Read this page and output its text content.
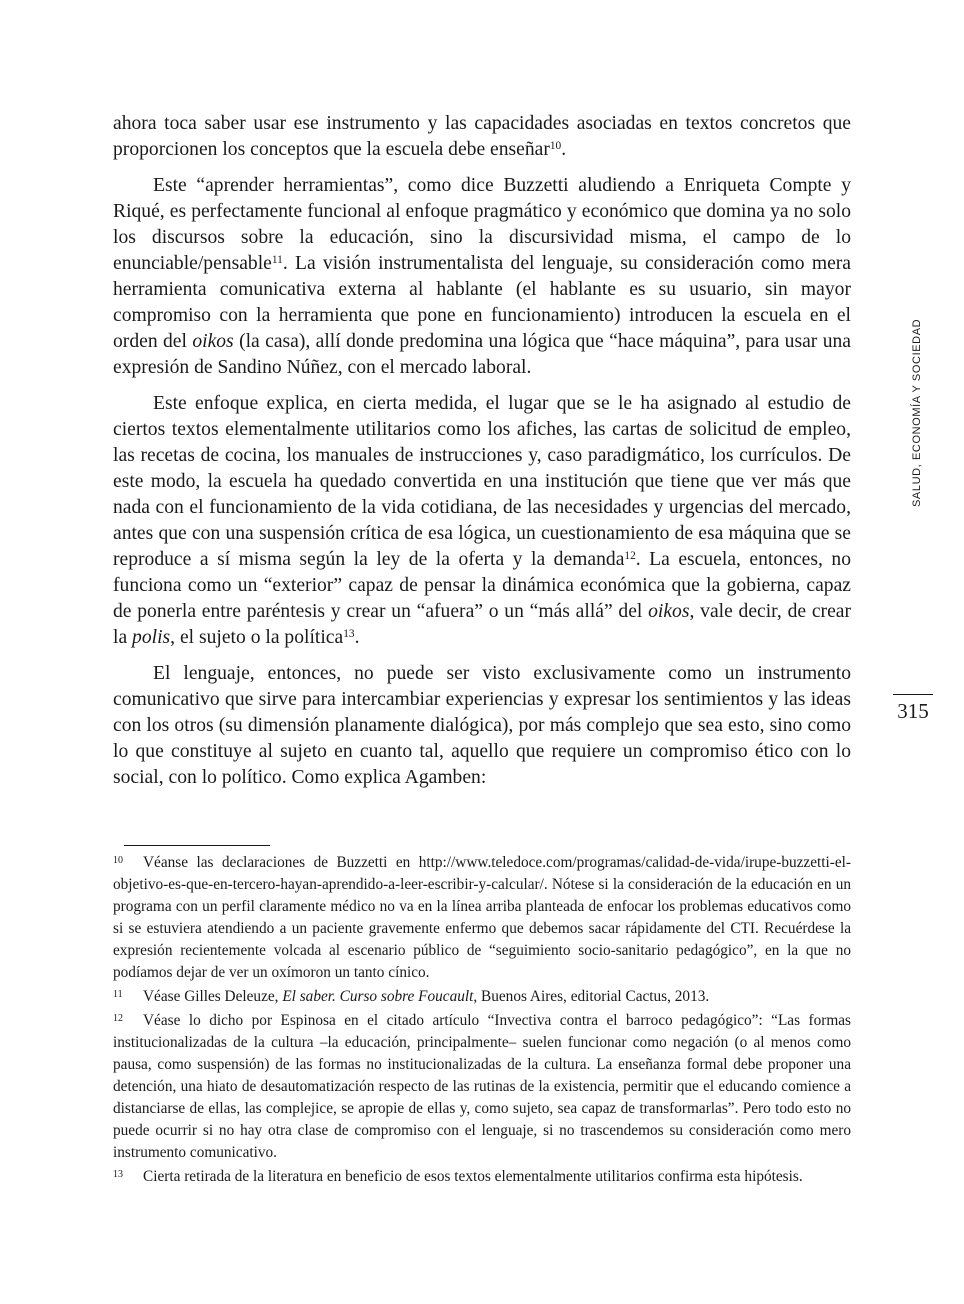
ahora toca saber usar ese instrumento y las capacidades asociadas en textos concretos que proporcionen los conceptos que la escuela debe enseñar$^{10}$.

Este “aprender herramientas”, como dice Buzzetti aludiendo a Enriqueta Compte y Riqué, es perfectamente funcional al enfoque pragmático y económico que domina ya no solo los discursos sobre la educación, sino la discursividad misma, el campo de lo enunciable/pensable$^{11}$. La visión instrumentalista del lenguaje, su consideración como mera herramienta comunicativa externa al hablante (el hablante es su usuario, sin mayor compromiso con la herramienta que pone en funcionamiento) introducen la escuela en el orden del oikos (la casa), allí donde predomina una lógica que “hace máquina”, para usar una expresión de Sandino Núñez, con el mercado laboral.

Este enfoque explica, en cierta medida, el lugar que se le ha asignado al estudio de ciertos textos elementalmente utilitarios como los afiches, las cartas de solicitud de empleo, las recetas de cocina, los manuales de instrucciones y, caso paradigmático, los currículos. De este modo, la escuela ha quedado convertida en una institución que tiene que ver más que nada con el funcionamiento de la vida cotidiana, de las necesidades y urgencias del mercado, antes que con una suspensión crítica de esa lógica, un cuestionamiento de esa máquina que se reproduce a sí misma según la ley de la oferta y la demanda$^{12}$. La escuela, entonces, no funciona como un “exterior” capaz de pensar la dinámica económica que la gobierna, capaz de ponerla entre paréntesis y crear un “afuera” o un “más allá” del oikos, vale decir, de crear la polis, el sujeto o la política$^{13}$.

El lenguaje, entonces, no puede ser visto exclusivamente como un instrumento comunicativo que sirve para intercambiar experiencias y expresar los sentimientos y las ideas con los otros (su dimensión planamente dialógica), por más complejo que sea esto, sino como lo que constituye al sujeto en cuanto tal, aquello que requiere un compromiso ético con lo social, con lo político. Como explica Agamben:

SALUD, ECONOMÍA Y SOCIEDAD
315

10 Véanse las declaraciones de Buzzetti en http://www.teledoce.com/programas/calidad-de-vida/irupe-buzzetti-el-objetivo-es-que-en-tercero-hayan-aprendido-a-leer-escribir-y-calcular/. Nótese si la consideración de la educación en un programa con un perfil claramente médico no va en la línea arriba planteada de enfocar los problemas educativos como si se estuviera atendiendo a un paciente gravemente enfermo que debemos sacar rápidamente del CTI. Recuérdese la expresión recientemente volcada al escenario público de “seguimiento socio-sanitario pedagógico”, en la que no podíamos dejar de ver un oxímoron un tanto cínico.

11 Véase Gilles Deleuze, El saber. Curso sobre Foucault, Buenos Aires, editorial Cactus, 2013.

12 Véase lo dicho por Espinosa en el citado artículo “Invectiva contra el barroco pedagógico”: “Las formas institucionalizadas de la cultura –la educación, principalmente– suelen funcionar como negación (o al menos como pausa, como suspensión) de las formas no institucionalizadas de la cultura. La enseñanza formal debe proponer una detención, una hiato de desautomatización respecto de las rutinas de la existencia, permitir que el educando comience a distanciarse de ellas, las complejice, se apropie de ellas y, como sujeto, sea capaz de transformarlas”. Pero todo esto no puede ocurrir si no hay otra clase de compromiso con el lenguaje, si no trascendemos su consideración como mero instrumento comunicativo.

13 Cierta retirada de la literatura en beneficio de esos textos elementalmente utilitarios confirma esta hipótesis.
